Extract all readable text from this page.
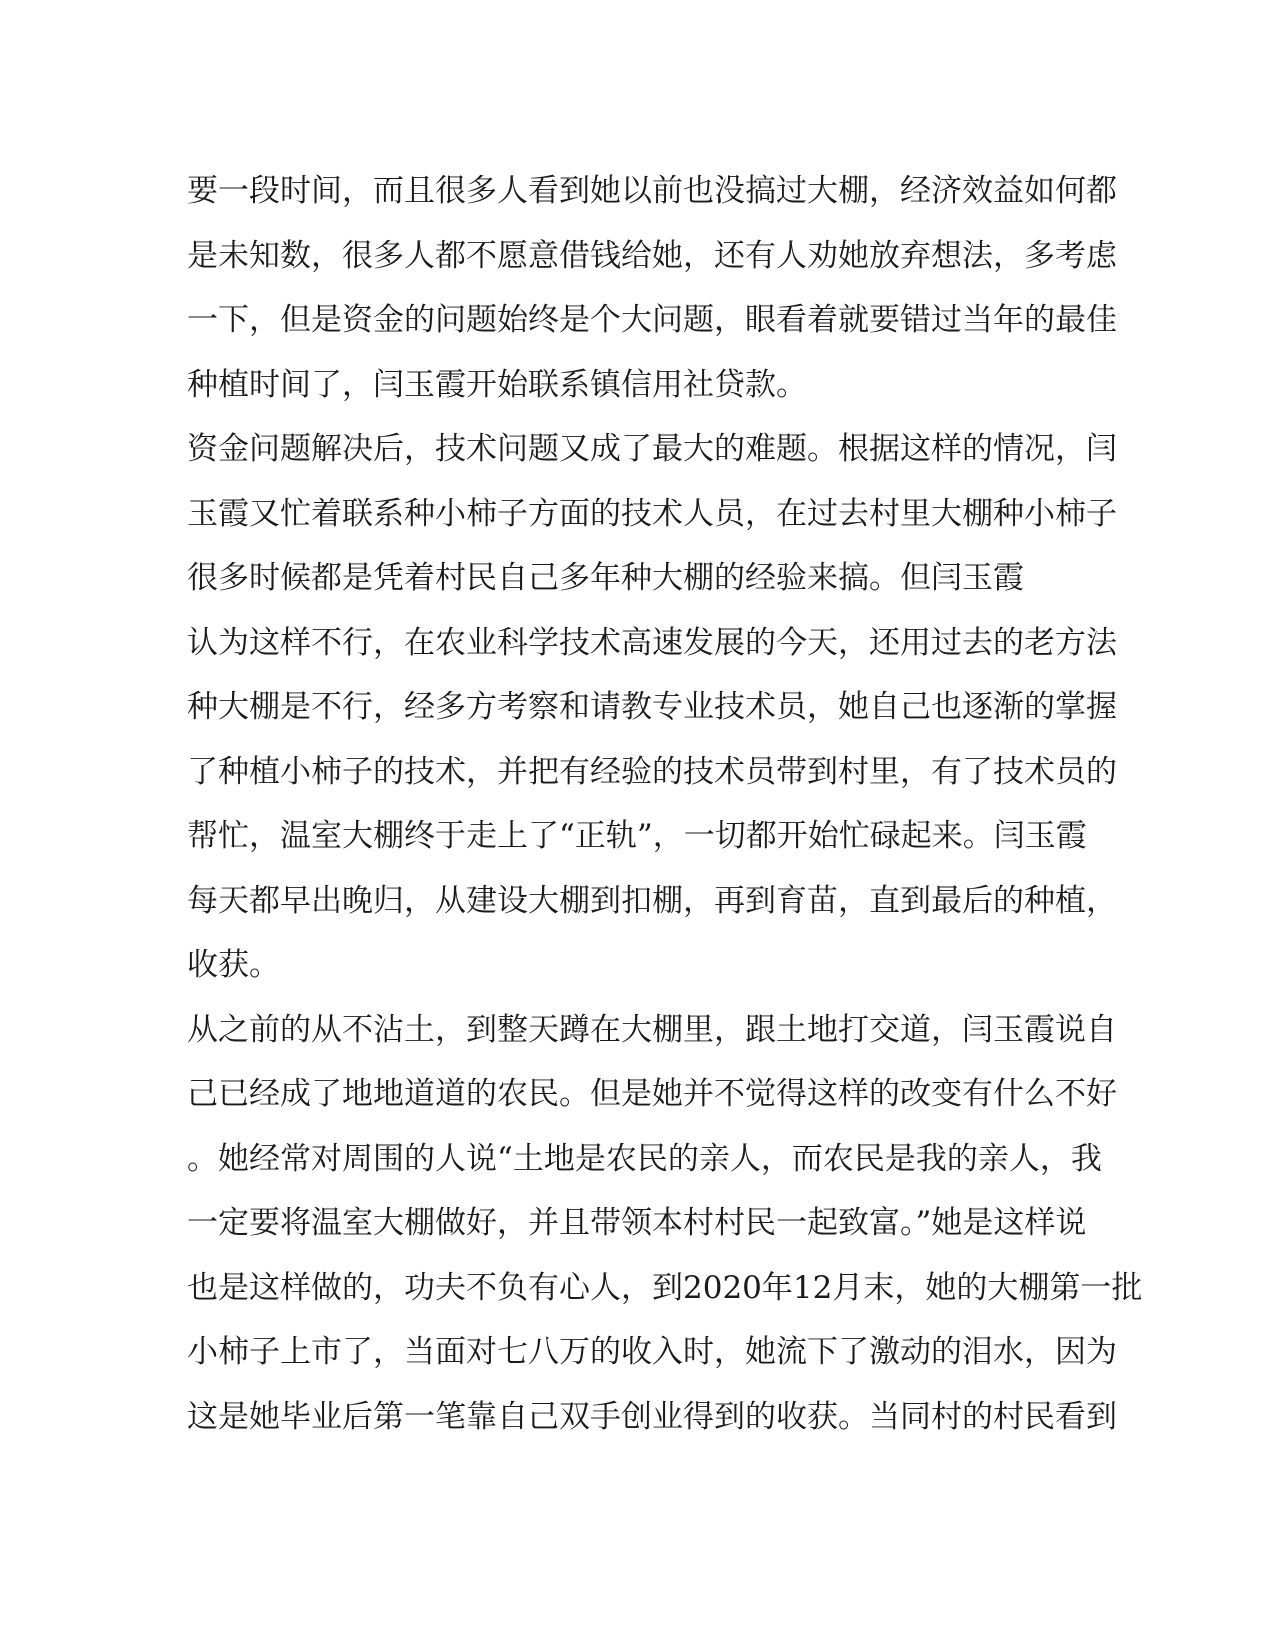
要一段时间，而且很多人看到她以前也没搞过大棚，经济效益如何都
是未知数，很多人都不愿意借钱给她，还有人劝她放弃想法，多考虑
一下，但是资金的问题始终是个大问题，眼看着就要错过当年的最佳
种植时间了，闫玉霞开始联系镇信用社贷款。
资金问题解决后，技术问题又成了最大的难题。根据这样的情况，闫
玉霞又忙着联系种小柿子方面的技术人员，在过去村里大棚种小柿子
很多时候都是凭着村民自己多年种大棚的经验来搞。但闫玉霞
认为这样不行，在农业科学技术高速发展的今天，还用过去的老方法
种大棚是不行，经多方考察和请教专业技术员，她自己也逐渐的掌握
了种植小柿子的技术，并把有经验的技术员带到村里，有了技术员的
帮忙，温室大棚终于走上了“正轨”，一切都开始忙碌起来。闫玉霞
每天都早出晚归，从建设大棚到扣棚，再到育苗，直到最后的种植，
收获。
从之前的从不沾土，到整天蹲在大棚里，跟土地打交道，闫玉霞说自
己已经成了地地道道的农民。但是她并不觉得这样的改变有什么不好
。她经常对周围的人说“土地是农民的亲人，而农民是我的亲人，我
一定要将温室大棚做好，并且带领本村村民一起致富。”她是这样说
也是这样做的，功夫不负有心人，到2020年12月末，她的大棚第一批
小柿子上市了，当面对七八万的收入时，她流下了激动的泪水，因为
这是她毕业后第一笔靠自己双手创业得到的收获。当同村的村民看到
